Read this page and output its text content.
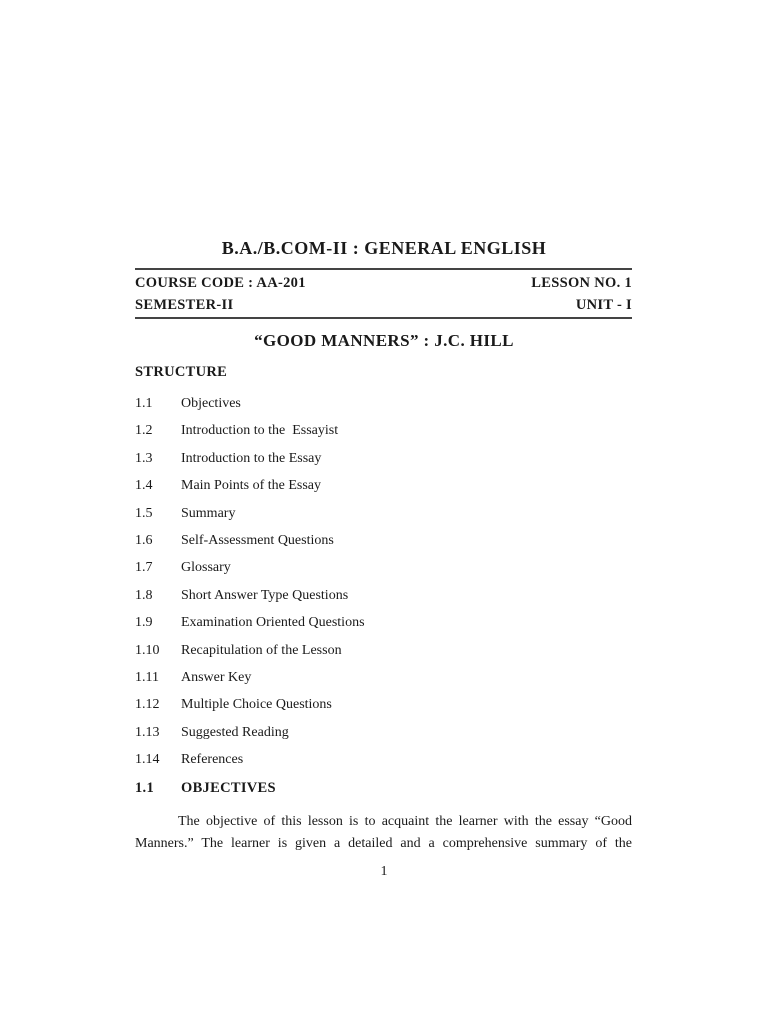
B.A./B.COM-II : GENERAL ENGLISH
COURSE CODE : AA-201	LESSON NO. 1
SEMESTER-II	UNIT - I
“GOOD MANNERS” : J.C. HILL
STRUCTURE
1.1	Objectives
1.2	Introduction to the  Essayist
1.3	Introduction to the Essay
1.4	Main Points of the Essay
1.5	Summary
1.6	Self-Assessment Questions
1.7	Glossary
1.8	Short Answer Type Questions
1.9	Examination Oriented Questions
1.10	Recapitulation of the Lesson
1.11	Answer Key
1.12	Multiple Choice Questions
1.13	Suggested Reading
1.14	References
1.1	OBJECTIVES

The objective of this lesson is to acquaint the learner with the essay “Good
Manners.” The learner is given a detailed and a comprehensive summary of the

1
